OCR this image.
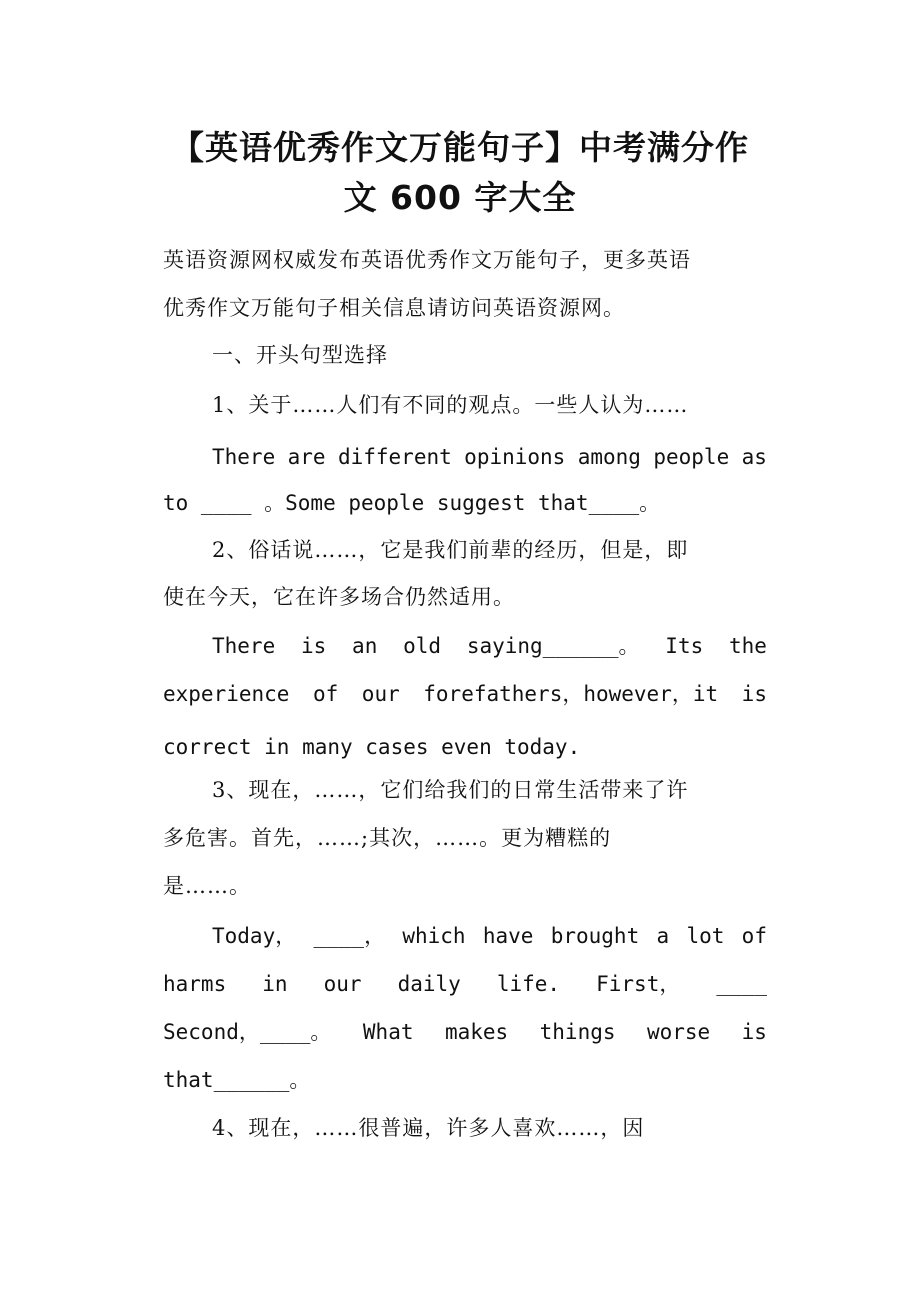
【英语优秀作文万能句子】中考满分作
文 600 字大全
英语资源网权威发布英语优秀作文万能句子，更多英语
优秀作文万能句子相关信息请访问英语资源网。
一、开头句型选择
1、关于……人们有不同的观点。一些人认为……
There are different opinions among people as
to ____ 。Some people suggest that____。
2、俗话说……，它是我们前辈的经历，但是，即
使在今天，它在许多场合仍然适用。
There is an old saying______。 Its the
experience of our forefathers，however，it is
correct in many cases even today.
3、现在，……，它们给我们的日常生活带来了许
多危害。首先，……;其次，……。更为糟糕的
是……。
Today， ____， which have brought a lot of
harms in our daily life. First， ____
Second，____。 What makes things worse is
that______。
4、现在，……很普遍，许多人喜欢……，因
